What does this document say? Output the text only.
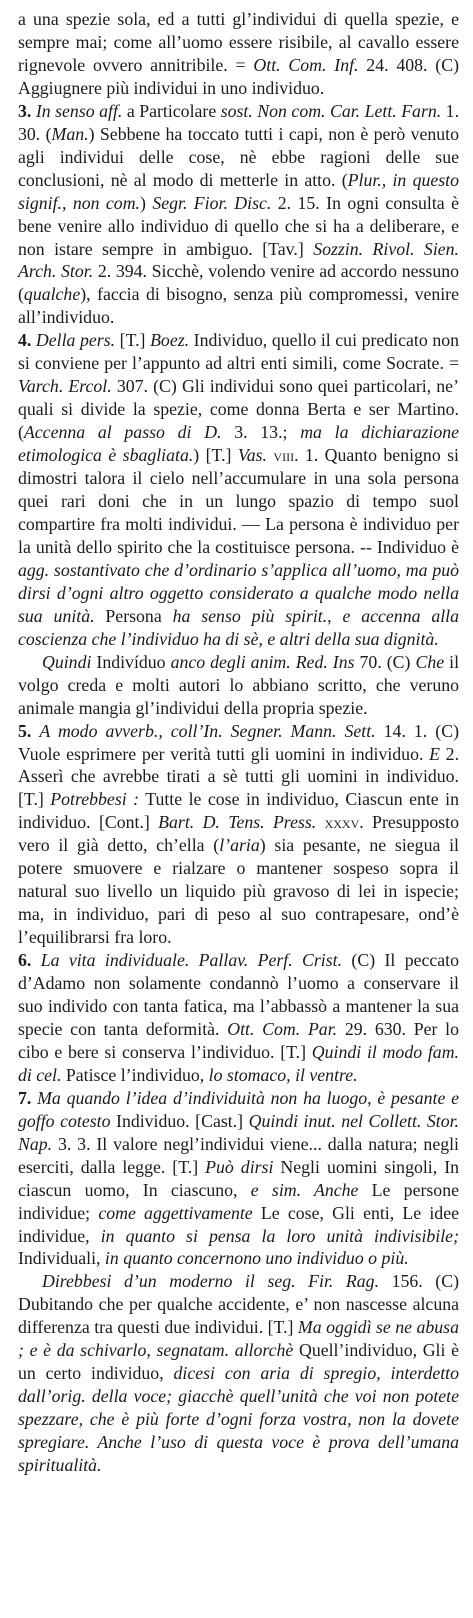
a una spezie sola, ed a tutti gl’individui di quella spezie, e sempre mai; come all’uomo essere risibile, al cavallo essere rignevole ovvero annitribile. = Ott. Com. Inf. 24. 408. (C) Aggiugnere più individui in uno individuo.

3. In senso aff. a Particolare sost. Non com. Car. Lett. Farn. 1. 30. (Man.) Sebbene ha toccato tutti i capi, non è però venuto agli individui delle cose, nè ebbe ragioni delle sue conclusioni, nè al modo di metterle in atto. (Plur., in questo signif., non com.) Segr. Fior. Disc. 2. 15. In ogni consulta è bene venire allo individuo di quello che si ha a deliberare, e non istare sempre in ambiguo. [Tav.] Sozzin. Rivol. Sien. Arch. Stor. 2. 394. Sicchè, volendo venire ad accordo nessuno (qualche), faccia di bisogno, senza più compromessi, venire all’individuo.

4. Della pers. [T.] Boez. Individuo, quello il cui predicato non si conviene per l’appunto ad altri enti simili, come Socrate. = Varch. Ercol. 307. (C) Gli individui sono quei particolari, ne’ quali si divide la spezie, come donna Berta e ser Martino. (Accenna al passo di D. 3. 13.; ma la dichiarazione etimologica è sbagliata.) [T.] Vas. viii. 1. Quanto benigno si dimostri talora il cielo nell’accumulare in una sola persona quei rari doni che in un lungo spazio di tempo suol compartire fra molti individui. — La persona è individuo per la unità dello spirito che la costituisce persona. -- Individuo è agg. sostantivato che d’ordinario s’applica all’uomo, ma può dirsi d’ogni altro oggetto considerato a qualche modo nella sua unità. Persona ha senso più spirit., e accenna alla coscienza che l’individuo ha di sè, e altri della sua dignità.

Quindi Indivíduo anco degli anim. Red. Ins 70. (C) Che il volgo creda e molti autori lo abbiano scritto, che veruno animale mangia gl’individui della propria spezie.

5. A modo avverb., coll’In. Segner. Mann. Sett. 14. 1. (C) Vuole esprimere per verità tutti gli uomini in individuo. E 2. Asserì che avrebbe tirati a sè tutti gli uomini in individuo. [T.] Potrebbesi : Tutte le cose in individuo, Ciascun ente in individuo. [Cont.] Bart. D. Tens. Press. xxxv. Presupposto vero il già detto, ch’ella (l’aria) sia pesante, ne siegua il potere smuovere e rialzare o mantener sospeso sopra il natural suo livello un liquido più gravoso di lei in ispecie; ma, in individuo, pari di peso al suo contrapesare, ond’è l’equilibrarsi fra loro.

6. La vita individuale. Pallav. Perf. Crist. (C) Il peccato d’Adamo non solamente condannò l’uomo a conservare il suo individo con tanta fatica, ma l’abbassò a mantener la sua specie con tanta deformità. Ott. Com. Par. 29. 630. Per lo cibo e bere si conserva l’individuo. [T.] Quindi il modo fam. di cel. Patisce l’individuo, lo stomaco, il ventre.

7. Ma quando l’idea d’individuità non ha luogo, è pesante e goffo cotesto Individuo. [Cast.] Quindi inut. nel Collett. Stor. Nap. 3. 3. Il valore negl’individui viene... dalla natura; negli eserciti, dalla legge. [T.] Può dirsi Negli uomini singoli, In ciascun uomo, In ciascuno, e sim. Anche Le persone individue; come aggettivamente Le cose, Gli enti, Le idee individue, in quanto si pensa la loro unità indivisibile; Individuali, in quanto concernono uno individuo o più.

Direbbesi d’un moderno il seg. Fir. Rag. 156. (C) Dubitando che per qualche accidente, e’ non nascesse alcuna differenza tra questi due individui. [T.] Ma oggidì se ne abusa ; e è da schivarlo, segnatam. allorchè Quell’individuo, Gli è un certo individuo, dicesi con aria di spregio, interdetto dall’orig. della voce; giacchè quell’unità che voi non potete spezzare, che è più forte d’ogni forza vostra, non la dovete spregiare. Anche l’uso di questa voce è prova dell’umana spiritualità.
